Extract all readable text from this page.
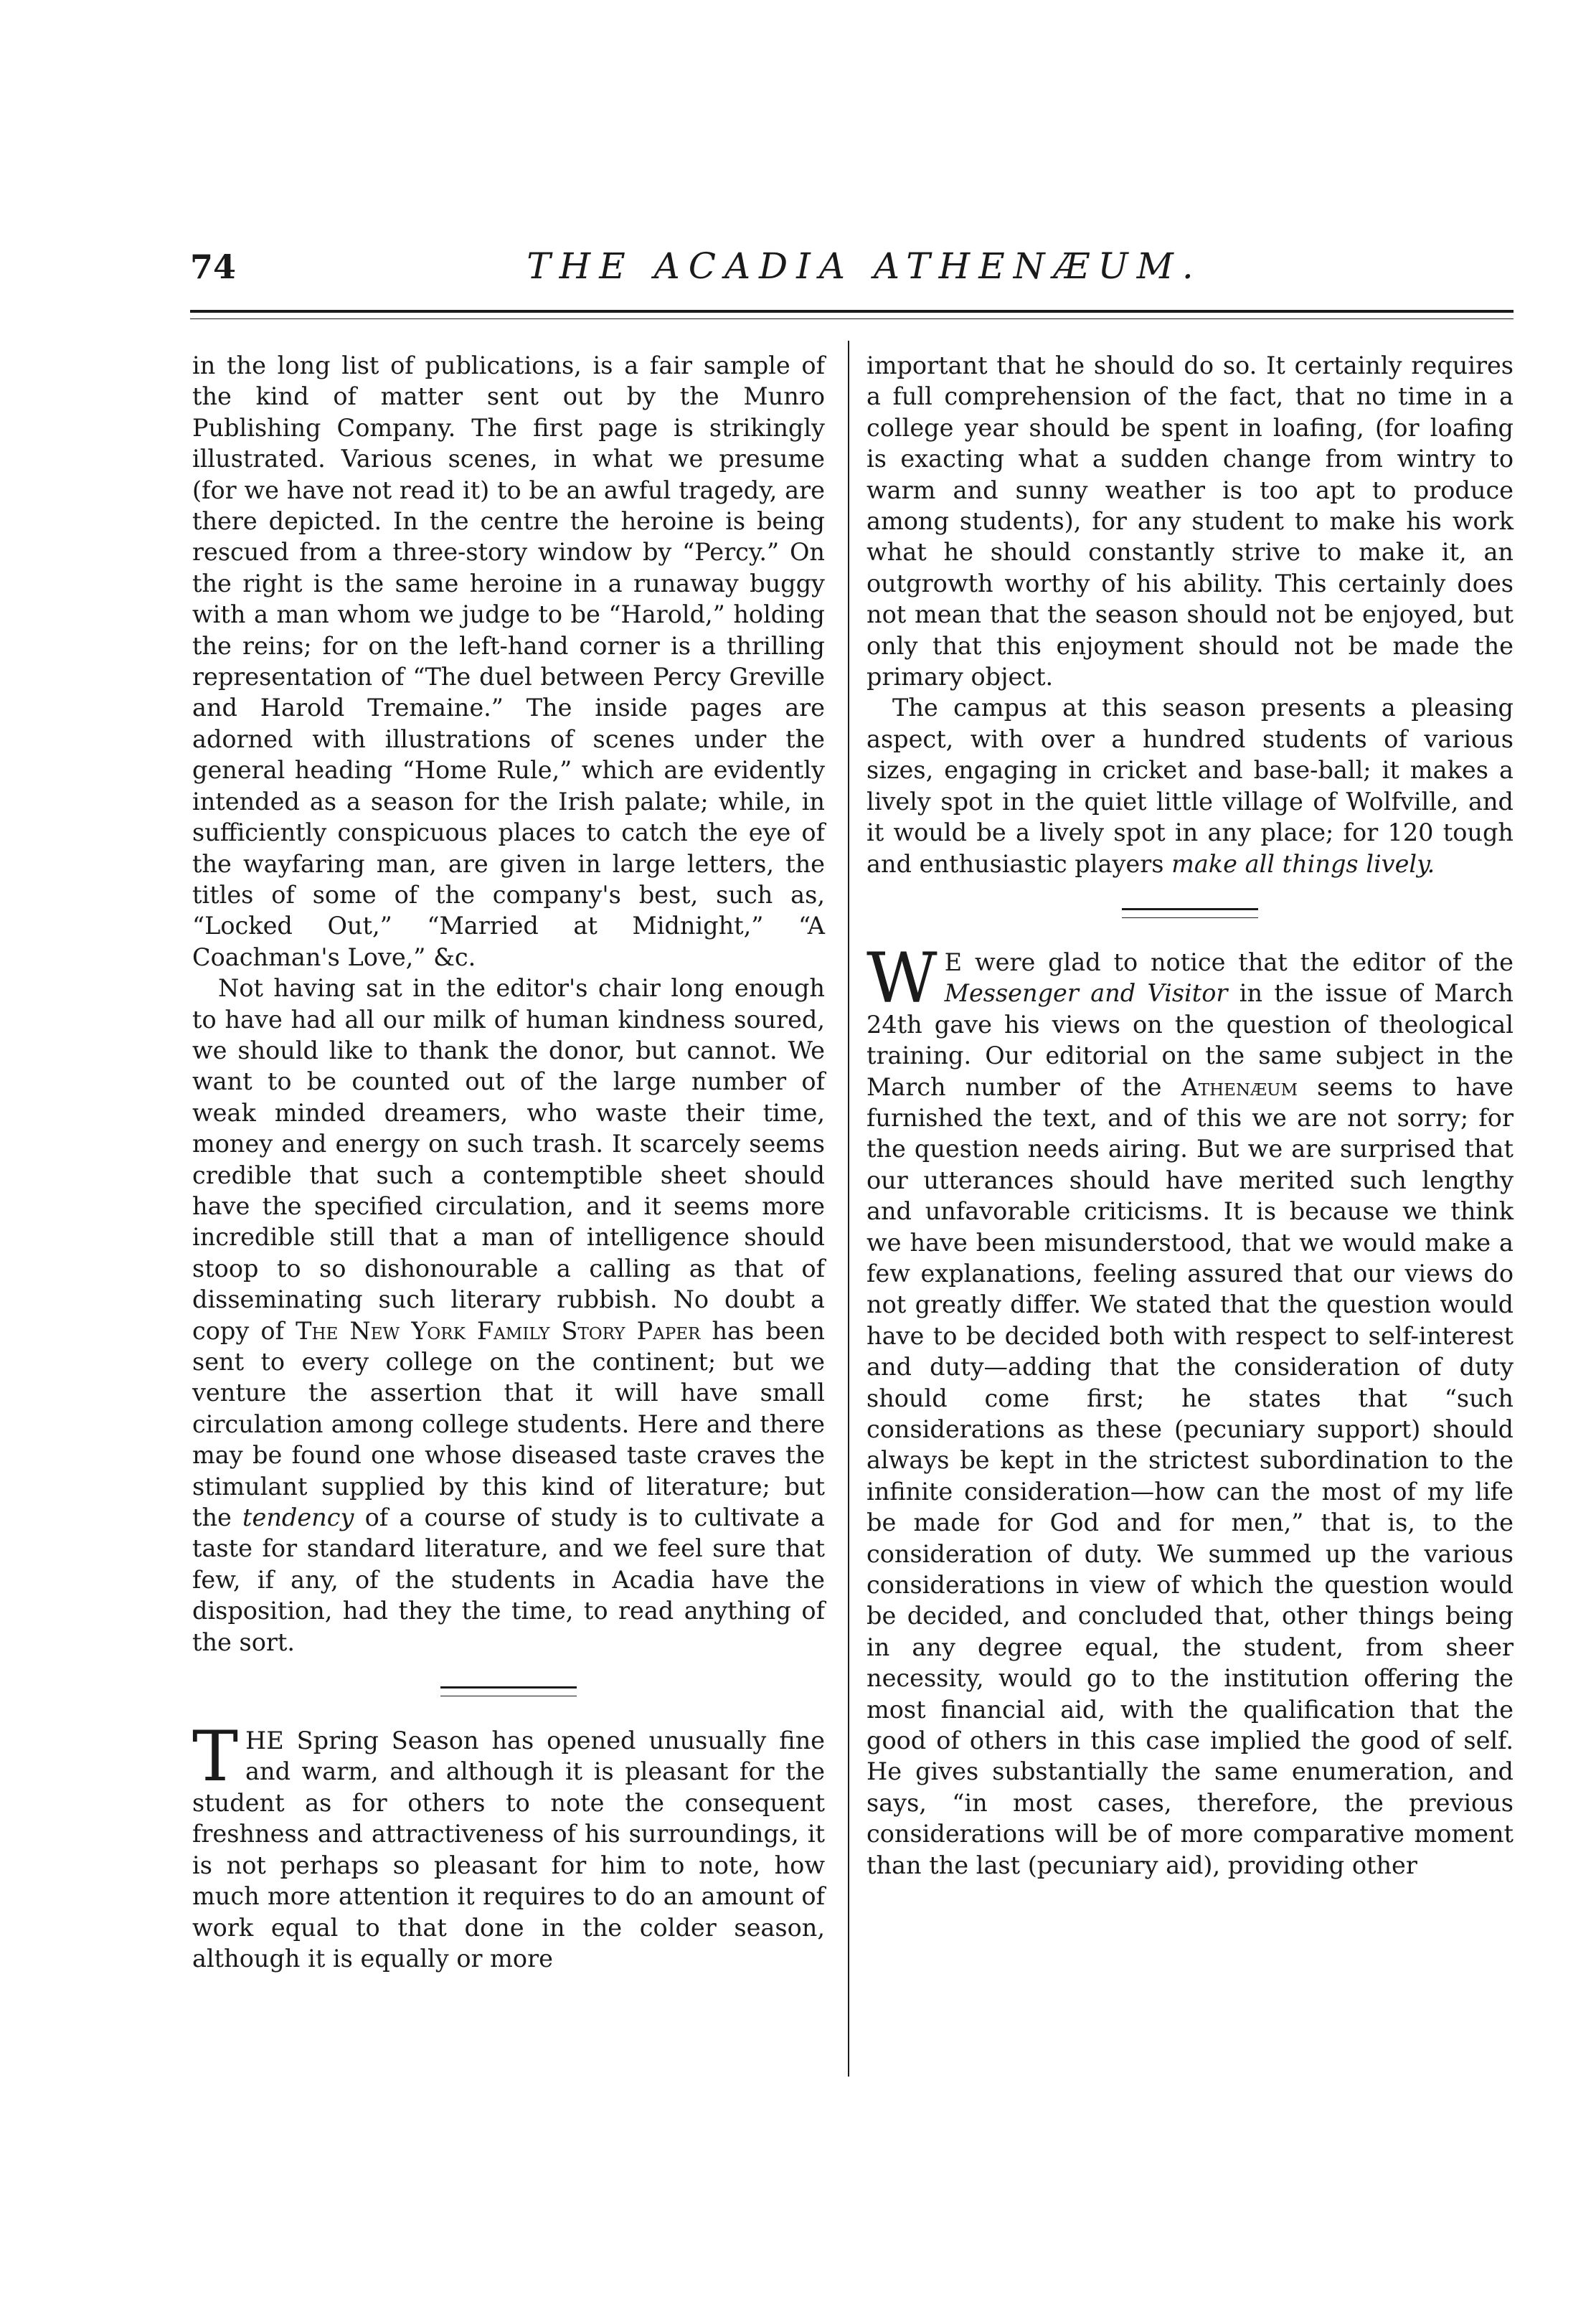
74	THE ACADIA ATHENÆUM.

in the long list of publications, is a fair sample of the kind of matter sent out by the Munro Publishing Company. The first page is strikingly illustrated. Various scenes, in what we presume (for we have not read it) to be an awful tragedy, are there depicted. In the centre the heroine is being rescued from a three-story window by “Percy.” On the right is the same heroine in a runaway buggy with a man whom we judge to be “Harold,” holding the reins; for on the left-hand corner is a thrilling representation of “The duel between Percy Greville and Harold Tremaine.” The inside pages are adorned with illustrations of scenes under the general heading “Home Rule,” which are evidently intended as a season for the Irish palate; while, in sufficiently conspicuous places to catch the eye of the wayfaring man, are given in large letters, the titles of some of the company's best, such as, “Locked Out,” “Married at Midnight,” “A Coachman's Love,” &c.

Not having sat in the editor's chair long enough to have had all our milk of human kindness soured, we should like to thank the donor, but cannot. We want to be counted out of the large number of weak minded dreamers, who waste their time, money and energy on such trash. It scarcely seems credible that such a contemptible sheet should have the specified circulation, and it seems more incredible still that a man of intelligence should stoop to so dishonourable a calling as that of disseminating such literary rubbish. No doubt a copy of The New York Family Story Paper has been sent to every college on the continent; but we venture the assertion that it will have small circulation among college students. Here and there may be found one whose diseased taste craves the stimulant supplied by this kind of literature; but the tendency of a course of study is to cultivate a taste for standard literature, and we feel sure that few, if any, of the students in Acadia have the disposition, had they the time, to read anything of the sort.

THE Spring Season has opened unusually fine and warm, and although it is pleasant for the student as for others to note the consequent freshness and attractiveness of his surroundings, it is not perhaps so pleasant for him to note, how much more attention it requires to do an amount of work equal to that done in the colder season, although it is equally or more

important that he should do so. It certainly requires a full comprehension of the fact, that no time in a college year should be spent in loafing, (for loafing is exacting what a sudden change from wintry to warm and sunny weather is too apt to produce among students), for any student to make his work what he should constantly strive to make it, an outgrowth worthy of his ability. This certainly does not mean that the season should not be enjoyed, but only that this enjoyment should not be made the primary object.

The campus at this season presents a pleasing aspect, with over a hundred students of various sizes, engaging in cricket and base-ball; it makes a lively spot in the quiet little village of Wolfville, and it would be a lively spot in any place; for 120 tough and enthusiastic players make all things lively.

W E were glad to notice that the editor of the Messenger and Visitor in the issue of March 24th gave his views on the question of theological training. Our editorial on the same subject in the March number of the Athenæum seems to have furnished the text, and of this we are not sorry; for the question needs airing. But we are surprised that our utterances should have merited such lengthy and unfavorable criticisms. It is because we think we have been misunderstood, that we would make a few explanations, feeling assured that our views do not greatly differ. We stated that the question would have to be decided both with respect to self-interest and duty—adding that the consideration of duty should come first; he states that “such considerations as these (pecuniary support) should always be kept in the strictest subordination to the infinite consideration—how can the most of my life be made for God and for men,” that is, to the consideration of duty. We summed up the various considerations in view of which the question would be decided, and concluded that, other things being in any degree equal, the student, from sheer necessity, would go to the institution offering the most financial aid, with the qualification that the good of others in this case implied the good of self. He gives substantially the same enumeration, and says, “in most cases, therefore, the previous considerations will be of more comparative moment than the last (pecuniary aid), providing other
